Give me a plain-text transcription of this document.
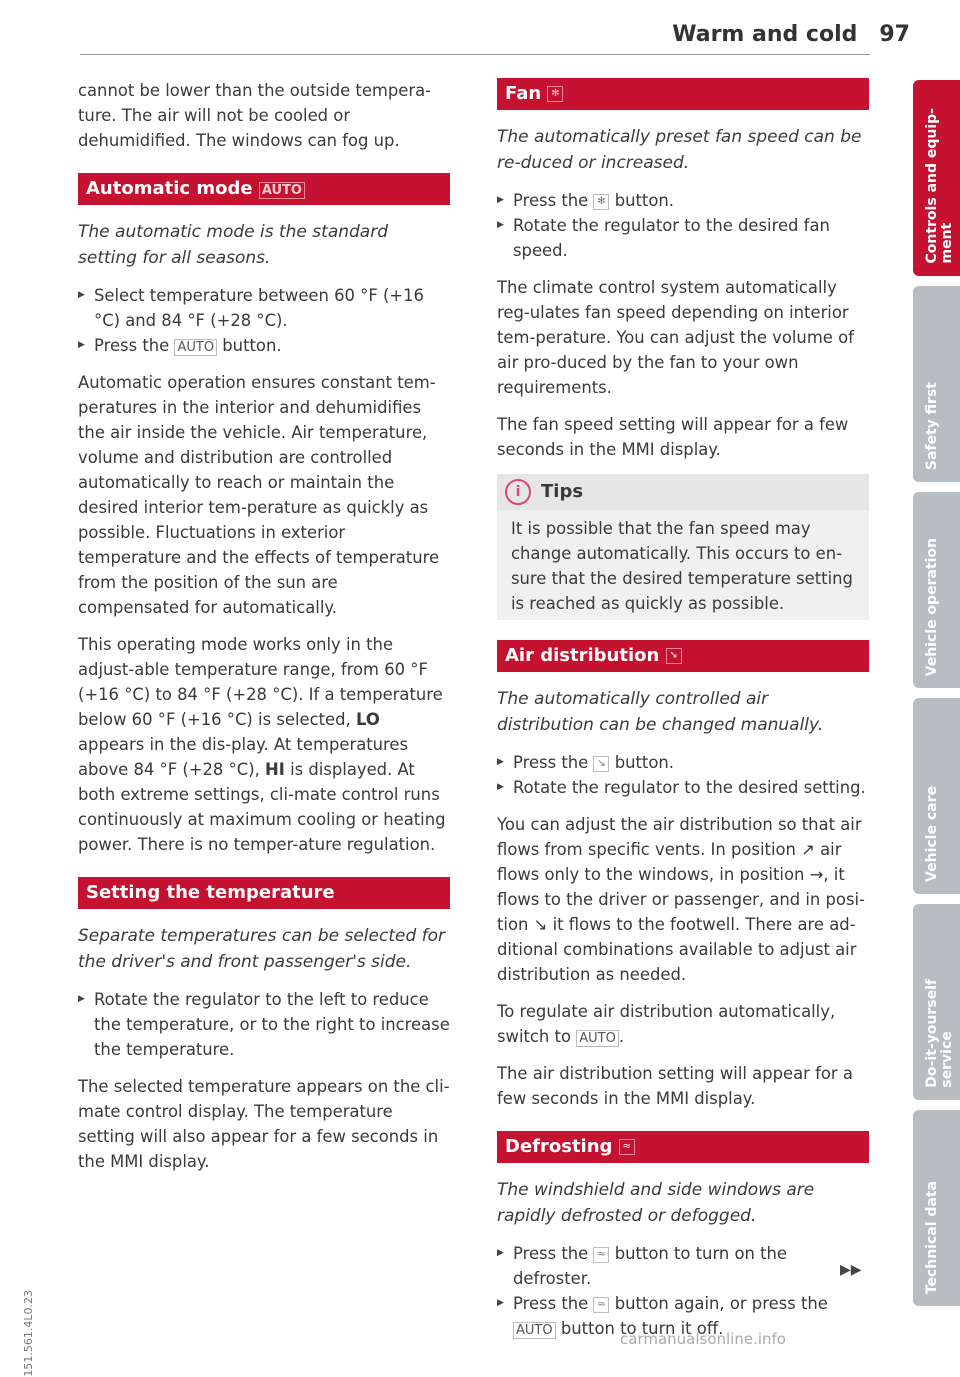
Warm and cold 97

cannot be lower than the outside tempera-ture. The air will not be cooled or dehumidified. The windows can fog up.

Automatic mode AUTO

The automatic mode is the standard setting for all seasons.

▶ Select temperature between 60 °F (+16 °C) and 84 °F (+28 °C).
▶ Press the AUTO button.

Automatic operation ensures constant tem-peratures in the interior and dehumidifies the air inside the vehicle. Air temperature, volume and distribution are controlled automatically to reach or maintain the desired interior tem-perature as quickly as possible. Fluctuations in exterior temperature and the effects of temperature from the position of the sun are compensated for automatically.

This operating mode works only in the adjust-able temperature range, from 60 °F (+16 °C) to 84 °F (+28 °C). If a temperature below 60 °F (+16 °C) is selected, LO appears in the dis-play. At temperatures above 84 °F (+28 °C), HI is displayed. At both extreme settings, cli-mate control runs continuously at maximum cooling or heating power. There is no temper-ature regulation.

Setting the temperature

Separate temperatures can be selected for the driver's and front passenger's side.

▶ Rotate the regulator to the left to reduce the temperature, or to the right to increase the temperature.

The selected temperature appears on the cli-mate control display. The temperature setting will also appear for a few seconds in the MMI display.

Fan ✻

The automatically preset fan speed can be re-duced or increased.

▶ Press the ✻ button.
▶ Rotate the regulator to the desired fan speed.

The climate control system automatically reg-ulates fan speed depending on interior tem-perature. You can adjust the volume of air pro-duced by the fan to your own requirements.

The fan speed setting will appear for a few seconds in the MMI display.

i Tips
It is possible that the fan speed may change automatically. This occurs to en-sure that the desired temperature setting is reached as quickly as possible.
Air distribution ↘

The automatically controlled air distribution can be changed manually.

▶ Press the ↘ button.
▶ Rotate the regulator to the desired setting.

You can adjust the air distribution so that air flows from specific vents. In position ↗ air flows only to the windows, in position →, it flows to the driver or passenger, and in posi-tion ↘ it flows to the footwell. There are ad-ditional combinations available to adjust air distribution as needed.

To regulate air distribution automatically, switch to AUTO .

The air distribution setting will appear for a few seconds in the MMI display.

Defrosting ≈

The windshield and side windows are rapidly defrosted or defogged.

▶ Press the ≈ button to turn on the defroster.
▶ Press the ≈ button again, or press the AUTO button to turn it off.
▶▶
Controls and equip-
ment
Safety first
Vehicle operation
Vehicle care
Do-it-yourself
service
Technical data
151.561.4L0.23	carmanualsonline.info
